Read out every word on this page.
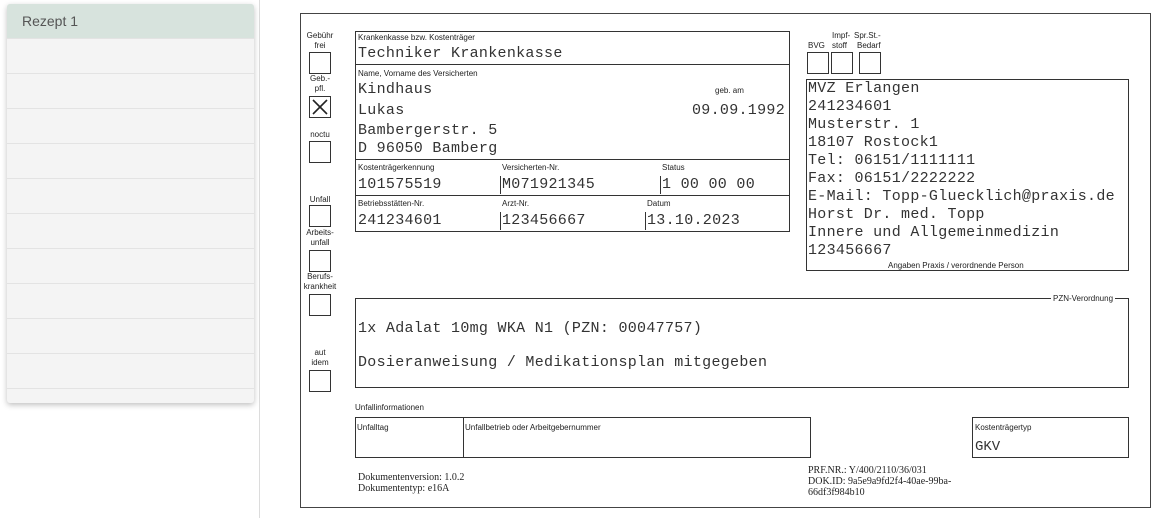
Rezept 1
Gebühr
frei
Geb.-
pfl.
noctu
Unfall
Arbeits-
unfall
Berufs-
krankheit
aut
idem
Krankenkasse bzw. Kostenträger
Techniker Krankenkasse
Name, Vorname des Versicherten
geb. am
Kindhaus
Lukas	09.09.1992
Bambergerstr. 5
D 96050 Bamberg
Kostenträgerkennung	Versicherten-Nr.	Status
101575519	M071921345	1 00 00 00
Betriebsstätten-Nr.	Arzt-Nr.	Datum
241234601	123456667	13.10.2023
Impf-
stoff
BVG
Spr.St.-
Bedarf
MVZ Erlangen
241234601
Musterstr. 1
18107 Rostock1
Tel: 06151/1111111
Fax: 06151/2222222
E-Mail: Topp-Gluecklich@praxis.de
Horst Dr. med. Topp
Innere und Allgemeinmedizin
123456667
Angaben Praxis / verordnende Person
PZN-Verordnung
1x Adalat 10mg WKA N1 (PZN: 00047757)
Dosieranweisung / Medikationsplan mitgegeben
Unfallinformationen
Unfalltag	Unfallbetrieb oder Arbeitgebernummer	Kostenträgertyp
GKV
Dokumentenversion: 1.0.2
Dokumententyp: e16A
PRF.NR.: Y/400/2110/36/031
DOK.ID: 9a5e9a9fd2f4-40ae-99ba-
66df3f984b10
